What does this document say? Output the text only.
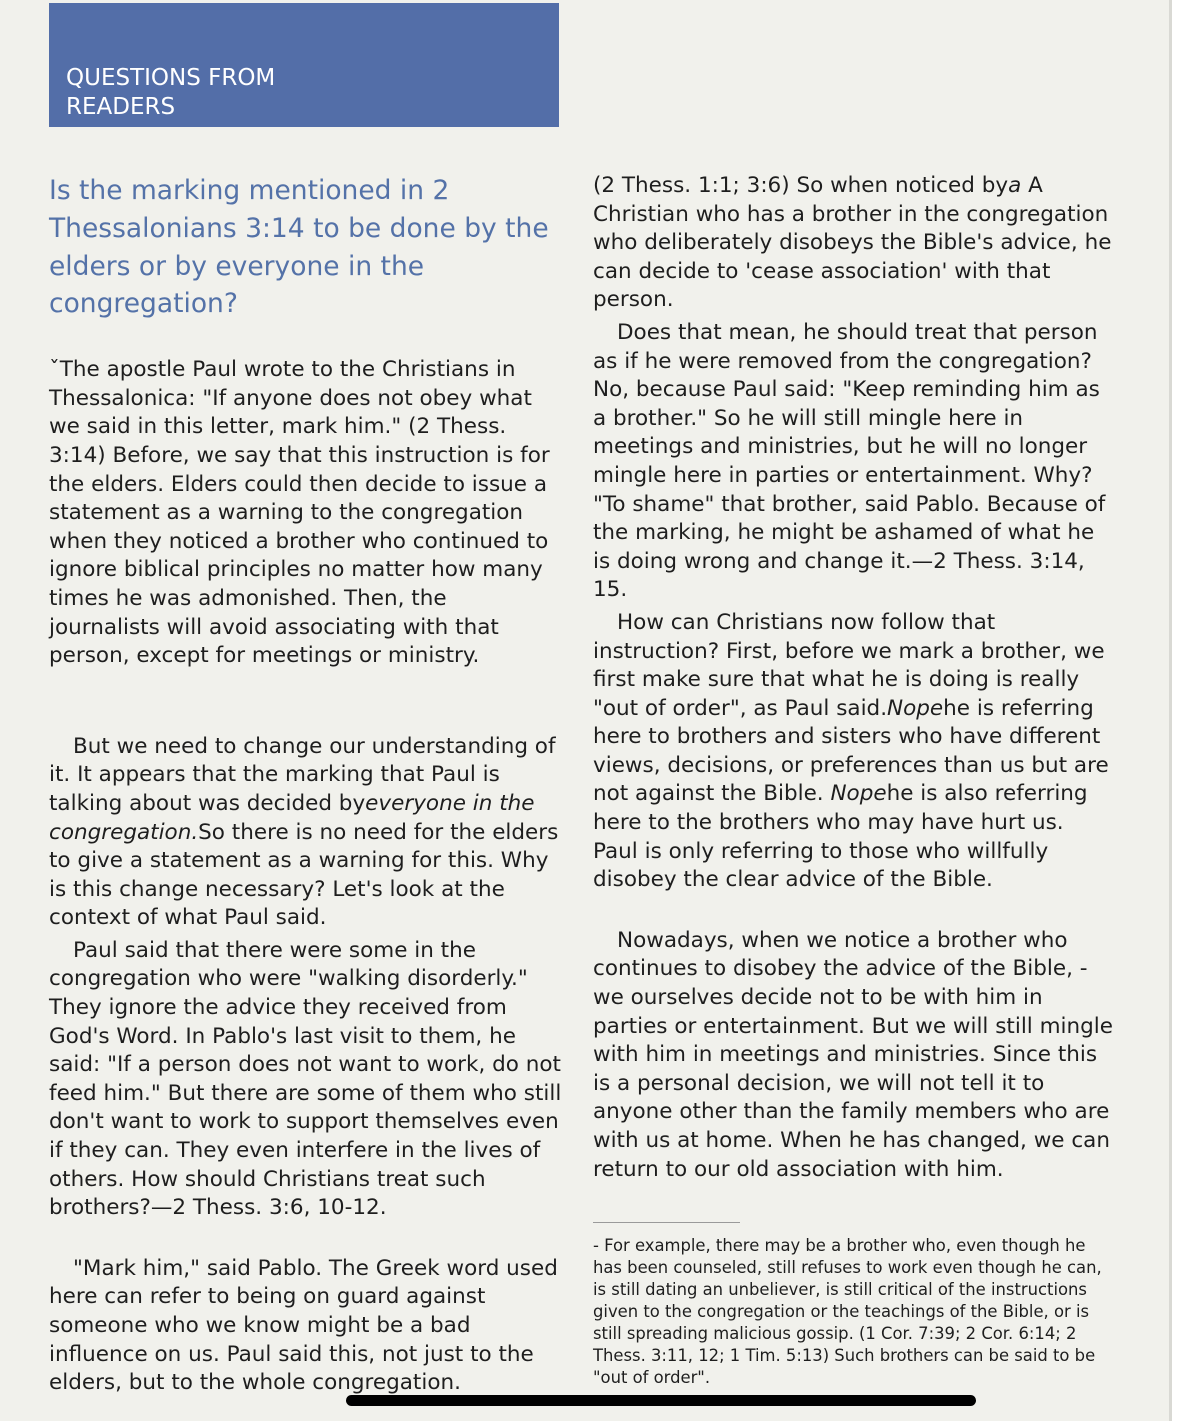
QUESTIONS FROM
READERS
Is the marking mentioned in 2 Thessalonians 3:14 to be done by the elders or by everyone in the congregation?

ˇThe apostle Paul wrote to the Christians in Thessalonica: "If anyone does not obey what we said in this letter, mark him." (2 Thess. 3:14) Before, we say that this instruction is for the elders. Elders could then decide to issue a statement as a warning to the congregation when they noticed a brother who continued to ignore biblical principles no matter how many times he was admonished. Then, the journalists will avoid associating with that person, except for meetings or ministry.

But we need to change our understanding of it. It appears that the marking that Paul is talking about was decided byeveryone in the congregation.So there is no need for the elders to give a statement as a warning for this. Why is this change necessary? Let's look at the context of what Paul said.

Paul said that there were some in the congregation who were "walking disorderly." They ignore the advice they received from God's Word. In Pablo's last visit to them, he said: "If a person does not want to work, do not feed him." But there are some of them who still don't want to work to support themselves even if they can. They even interfere in the lives of others. How should Christians treat such brothers?—2 Thess. 3:6, 10-12.

"Mark him," said Pablo. The Greek word used here can refer to being on guard against someone who we know might be a bad influence on us. Paul said this, not just to the elders, but to the whole congregation.

(2 Thess. 1:1; 3:6) So when noticed bya A Christian who has a brother in the congregation who deliberately disobeys the Bible's advice, he can decide to 'cease association' with that person.

Does that mean, he should treat that person as if he were removed from the congregation? No, because Paul said: "Keep reminding him as a brother." So he will still mingle here in meetings and ministries, but he will no longer mingle here in parties or entertainment. Why? "To shame" that brother, said Pablo. Because of the marking, he might be ashamed of what he is doing wrong and change it.—2 Thess. 3:14, 15.

How can Christians now follow that instruction? First, before we mark a brother, we first make sure that what he is doing is really "out of order", as Paul said.Nopehe is referring here to brothers and sisters who have different views, decisions, or preferences than us but are not against the Bible. Nopehe is also referring here to the brothers who may have hurt us. Paul is only referring to those who willfully disobey the clear advice of the Bible.

Nowadays, when we notice a brother who continues to disobey the advice of the Bible, - we ourselves decide not to be with him in parties or entertainment. But we will still mingle with him in meetings and ministries. Since this is a personal decision, we will not tell it to anyone other than the family members who are with us at home. When he has changed, we can return to our old association with him.

- For example, there may be a brother who, even though he has been counseled, still refuses to work even though he can, is still dating an unbeliever, is still critical of the instructions given to the congregation or the teachings of the Bible, or is still spreading malicious gossip. (1 Cor. 7:39; 2 Cor. 6:14; 2 Thess. 3:11, 12; 1 Tim. 5:13) Such brothers can be said to be "out of order".
